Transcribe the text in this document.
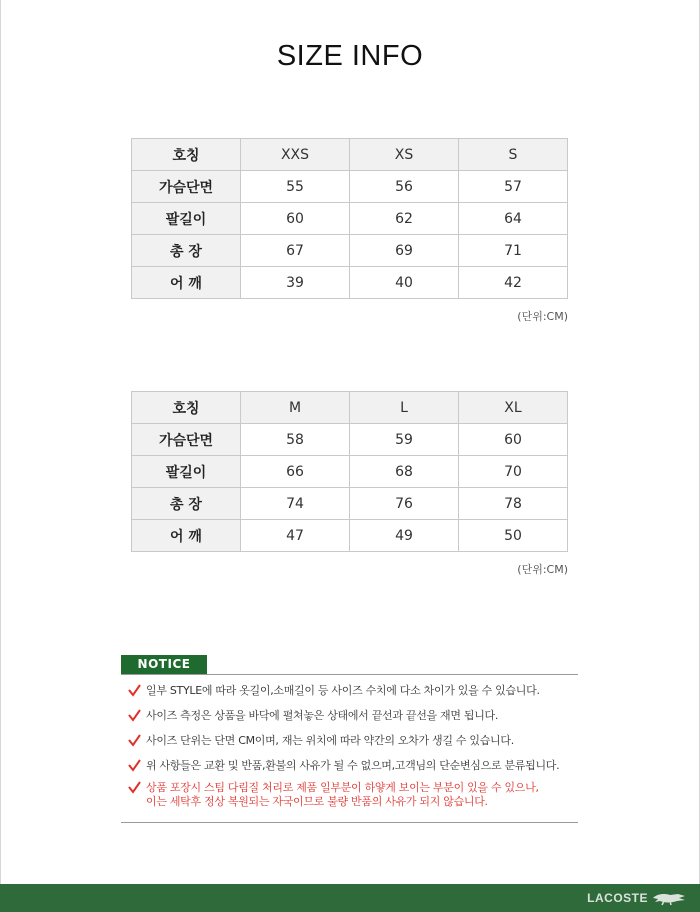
SIZE INFO
호칭	XXS	XS	S
가슴단면	55	56	57
팔길이	60	62	64
총 장	67	69	71
어 깨	39	40	42
(단위:CM)
호칭	M	L	XL
가슴단면	58	59	60
팔길이	66	68	70
총 장	74	76	78
어 깨	47	49	50
(단위:CM)
NOTICE
일부 STYLE에 따라 옷길이,소매길이 등 사이즈 수치에 다소 차이가 있을 수 있습니다.
사이즈 측정은 상품을 바닥에 펼쳐놓은 상태에서 끝선과 끝선을 재면 됩니다.
사이즈 단위는 단면 CM이며, 재는 위치에 따라 약간의 오차가 생길 수 있습니다.
위 사항들은 교환 및 반품,환불의 사유가 될 수 없으며,고객님의 단순변심으로 분류됩니다.
상품 포장시 스팀 다림질 처리로 제품 일부분이 하얗게 보이는 부분이 있을 수 있으나,
이는 세탁후 정상 복원되는 자국이므로 불량 반품의 사유가 되지 않습니다.
LACOSTE
